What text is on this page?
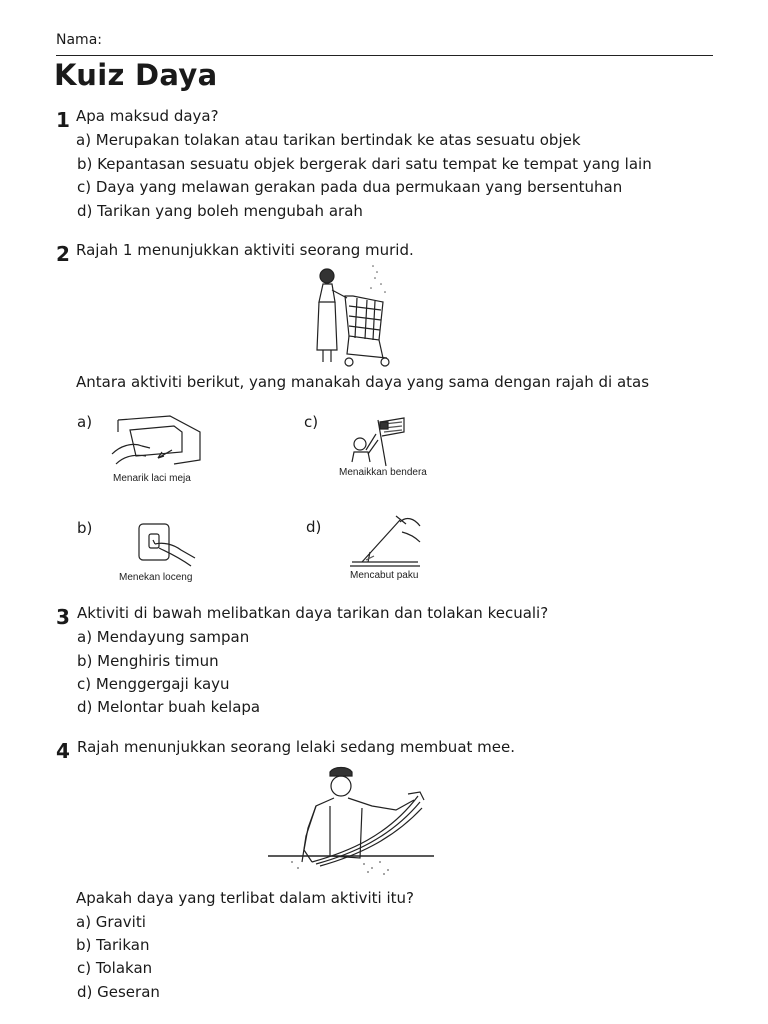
Nama:
Kuiz Daya
1 Apa maksud daya?
a) Merupakan tolakan atau tarikan bertindak ke atas sesuatu objek
b) Kepantasan sesuatu objek bergerak dari satu tempat ke tempat yang lain
c) Daya yang melawan gerakan pada dua permukaan yang bersentuhan
d) Tarikan yang boleh mengubah arah
2 Rajah 1 menunjukkan aktiviti seorang murid.
Antara aktiviti berikut, yang manakah daya yang sama dengan rajah di atas
a)
Menarik laci meja
c)
Menaikkan bendera
b)
Menekan loceng
d)
Mencabut paku
3 Aktiviti di bawah melibatkan daya tarikan dan tolakan kecuali?
a) Mendayung sampan
b) Menghiris timun
c) Menggergaji kayu
d) Melontar buah kelapa
4 Rajah menunjukkan seorang lelaki sedang membuat mee.
Apakah daya yang terlibat dalam aktiviti itu?
a) Graviti
b) Tarikan
c) Tolakan
d) Geseran
